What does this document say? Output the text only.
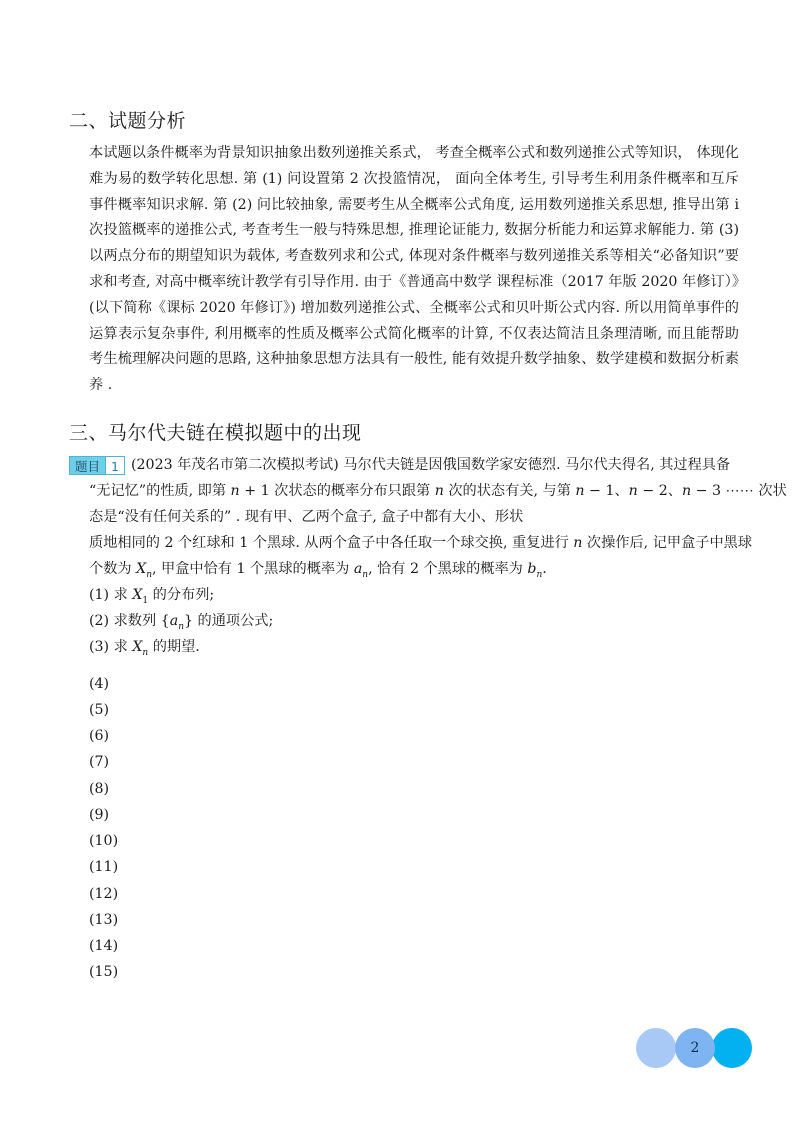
二、试题分析

本试题以条件概率为背景知识抽象出数列递推关系式， 考查全概率公式和数列递推公式等知识， 体现化难为易的数学转化思想. 第 (1) 问设置第 2 次投篮情况， 面向全体考生, 引导考生利用条件概率和互斥事件概率知识求解. 第 (2) 问比较抽象, 需要考生从全概率公式角度, 运用数列递推关系思想, 推导出第 i 次投篮概率的递推公式, 考查考生一般与特殊思想, 推理论证能力, 数据分析能力和运算求解能力. 第 (3) 以两点分布的期望知识为载体, 考查数列求和公式, 体现对条件概率与数列递推关系等相关“必备知识”要求和考查, 对高中概率统计教学有引导作用. 由于《普通高中数学 课程标准（2017 年版 2020 年修订）》(以下简称《课标 2020 年修订》) 增加数列递推公式、全概率公式和贝叶斯公式内容. 所以用简单事件的运算表示复杂事件, 利用概率的性质及概率公式简化概率的计算, 不仅表达简洁且条理清晰, 而且能帮助考生梳理解决问题的思路, 这种抽象思想方法具有一般性, 能有效提升数学抽象、数学建模和数据分析素养 .

三、马尔代夫链在模拟题中的出现
题目 1 (2023 年茂名市第二次模拟考试) 马尔代夫链是因俄国数学家安德烈. 马尔代夫得名, 其过程具备
“无记忆”的性质, 即第 n + 1 次状态的概率分布只跟第 n 次的状态有关, 与第 n − 1、n − 2、n − 3 ⋯⋯ 次状
态是“没有任何关系的” . 现有甲、乙两个盒子, 盒子中都有大小、形状
质地相同的 2 个红球和 1 个黑球. 从两个盒子中各任取一个球交换, 重复进行 n 次操作后, 记甲盒子中黑球
个数为 $X_n$, 甲盒中恰有 1 个黑球的概率为 $a_n$, 恰有 2 个黑球的概率为 $b_n$.
(1) 求 $X_1$ 的分布列;
(2) 求数列 $\{a_n\}$ 的通项公式;
(3) 求 $X_n$ 的期望.
(4)
(5)
(6)
(7)
(8)
(9)
(10)
(11)
(12)
(13)
(14)
(15)
2
